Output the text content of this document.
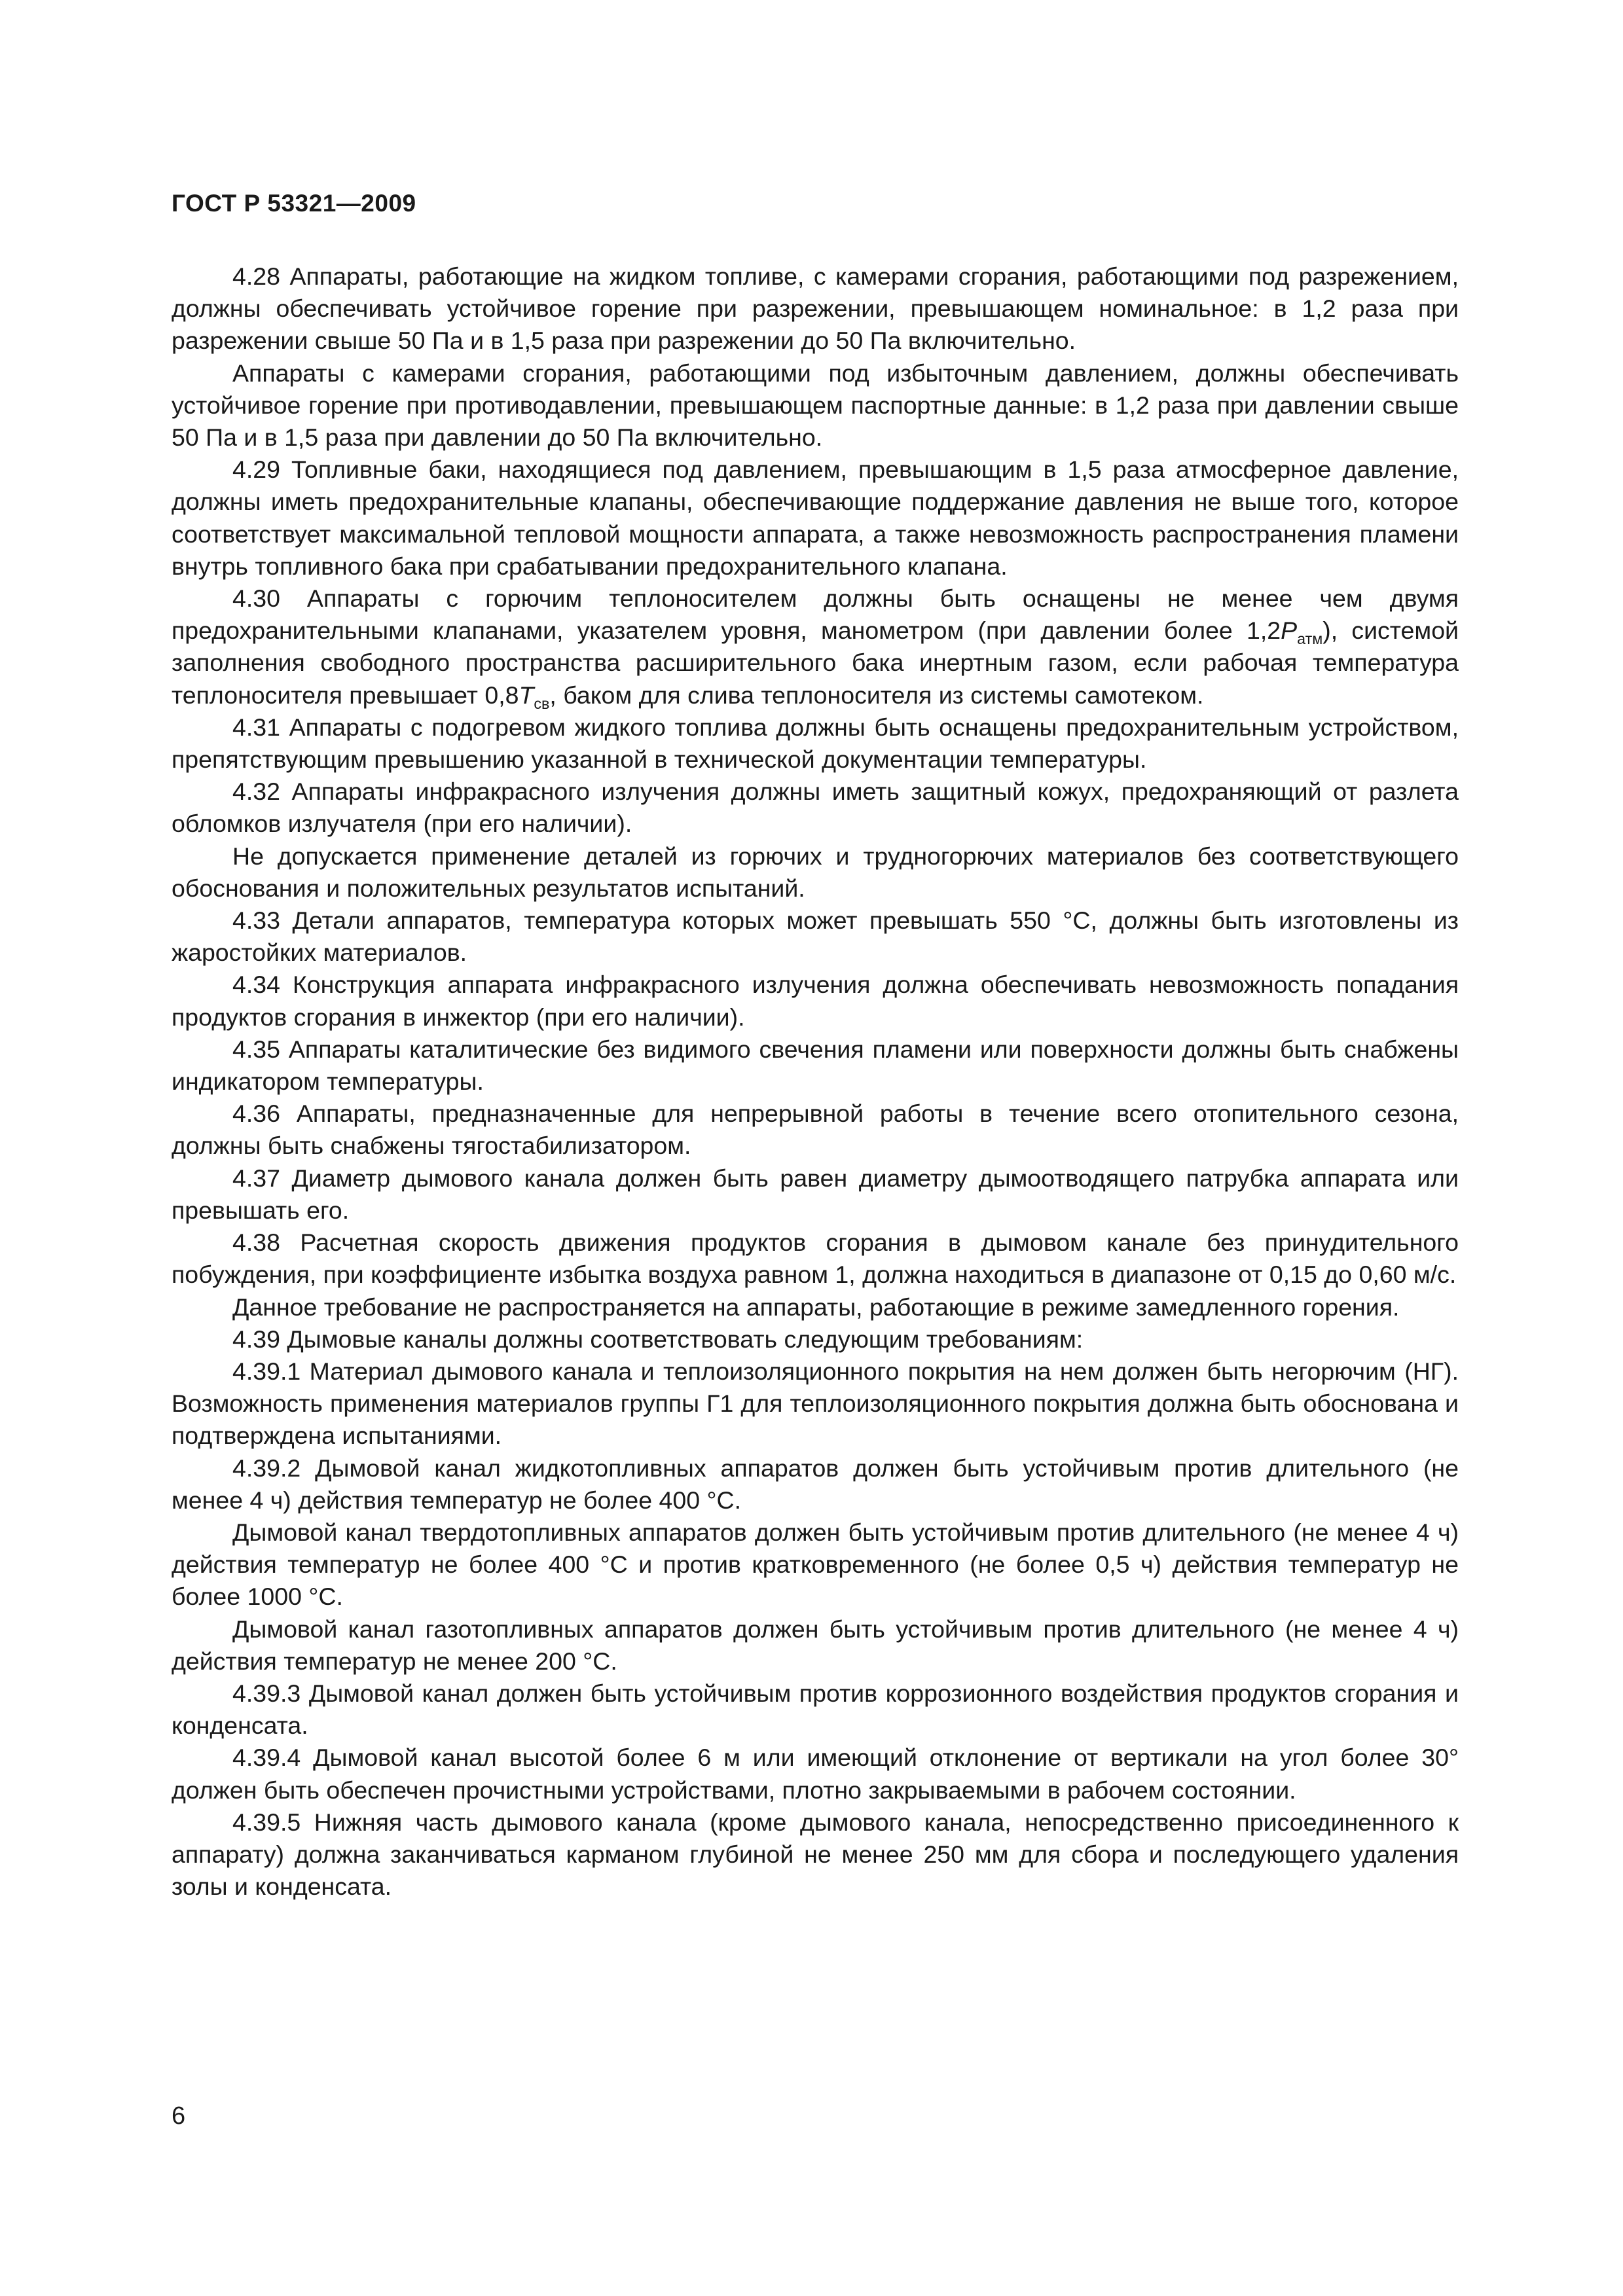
ГОСТ Р 53321—2009

4.28 Аппараты, работающие на жидком топливе, с камерами сгорания, работающими под разрежением, должны обеспечивать устойчивое горение при разрежении, превышающем номинальное: в 1,2 раза при разрежении свыше 50 Па и в 1,5 раза при разрежении до 50 Па включительно.

Аппараты с камерами сгорания, работающими под избыточным давлением, должны обеспечивать устойчивое горение при противодавлении, превышающем паспортные данные: в 1,2 раза при давлении свыше 50 Па и в 1,5 раза при давлении до 50 Па включительно.

4.29 Топливные баки, находящиеся под давлением, превышающим в 1,5 раза атмосферное давление, должны иметь предохранительные клапаны, обеспечивающие поддержание давления не выше того, которое соответствует максимальной тепловой мощности аппарата, а также невозможность распространения пламени внутрь топливного бака при срабатывании предохранительного клапана.

4.30 Аппараты с горючим теплоносителем должны быть оснащены не менее чем двумя предохранительными клапанами, указателем уровня, манометром (при давлении более $1,2P_{атм}$), системой заполнения свободного пространства расширительного бака инертным газом, если рабочая температура теплоносителя превышает $0,8T_{св}$, баком для слива теплоносителя из системы самотеком.

4.31 Аппараты с подогревом жидкого топлива должны быть оснащены предохранительным устройством, препятствующим превышению указанной в технической документации температуры.

4.32 Аппараты инфракрасного излучения должны иметь защитный кожух, предохраняющий от разлета обломков излучателя (при его наличии).

Не допускается применение деталей из горючих и трудногорючих материалов без соответствующего обоснования и положительных результатов испытаний.

4.33 Детали аппаратов, температура которых может превышать 550 °С, должны быть изготовлены из жаростойких материалов.

4.34 Конструкция аппарата инфракрасного излучения должна обеспечивать невозможность попадания продуктов сгорания в инжектор (при его наличии).

4.35 Аппараты каталитические без видимого свечения пламени или поверхности должны быть снабжены индикатором температуры.

4.36 Аппараты, предназначенные для непрерывной работы в течение всего отопительного сезона, должны быть снабжены тягостабилизатором.

4.37 Диаметр дымового канала должен быть равен диаметру дымоотводящего патрубка аппарата или превышать его.

4.38 Расчетная скорость движения продуктов сгорания в дымовом канале без принудительного побуждения, при коэффициенте избытка воздуха равном 1, должна находиться в диапазоне от 0,15 до 0,60 м/с.

Данное требование не распространяется на аппараты, работающие в режиме замедленного горения.

4.39 Дымовые каналы должны соответствовать следующим требованиям:

4.39.1 Материал дымового канала и теплоизоляционного покрытия на нем должен быть негорючим (НГ). Возможность применения материалов группы Г1 для теплоизоляционного покрытия должна быть обоснована и подтверждена испытаниями.

4.39.2 Дымовой канал жидкотопливных аппаратов должен быть устойчивым против длительного (не менее 4 ч) действия температур не более 400 °С.

Дымовой канал твердотопливных аппаратов должен быть устойчивым против длительного (не менее 4 ч) действия температур не более 400 °С и против кратковременного (не более 0,5 ч) действия температур не более 1000 °С.

Дымовой канал газотопливных аппаратов должен быть устойчивым против длительного (не менее 4 ч) действия температур не менее 200 °С.

4.39.3 Дымовой канал должен быть устойчивым против коррозионного воздействия продуктов сгорания и конденсата.

4.39.4 Дымовой канал высотой более 6 м или имеющий отклонение от вертикали на угол более 30° должен быть обеспечен прочистными устройствами, плотно закрываемыми в рабочем состоянии.

4.39.5 Нижняя часть дымового канала (кроме дымового канала, непосредственно присоединенного к аппарату) должна заканчиваться карманом глубиной не менее 250 мм для сбора и последующего удаления золы и конденсата.

6
